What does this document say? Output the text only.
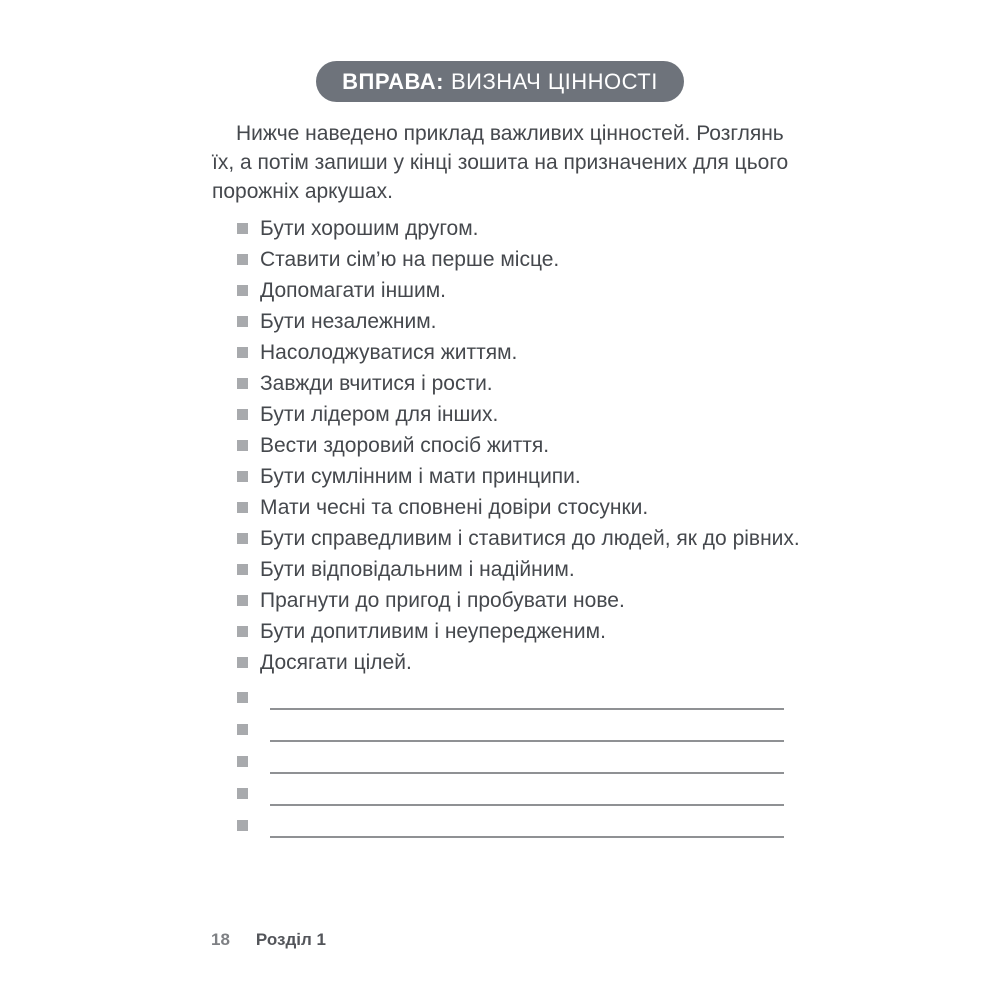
ВПРАВА: ВИЗНАЧ ЦІННОСТІ

Нижче наведено приклад важливих цінностей. Розглянь їх, а потім запиши у кінці зошита на призначених для цього порожніх аркушах.

Бути хорошим другом.
Ставити сім’ю на перше місце.
Допомагати іншим.
Бути незалежним.
Насолоджуватися життям.
Завжди вчитися і рости.
Бути лідером для інших.
Вести здоровий спосіб життя.
Бути сумлінним і мати принципи.
Мати чесні та сповнені довіри стосунки.
Бути справедливим і ставитися до людей, як до рівних.
Бути відповідальним і надійним.
Прагнути до пригод і пробувати нове.
Бути допитливим і неупередженим.
Досягати цілей.
18 Розділ 1
